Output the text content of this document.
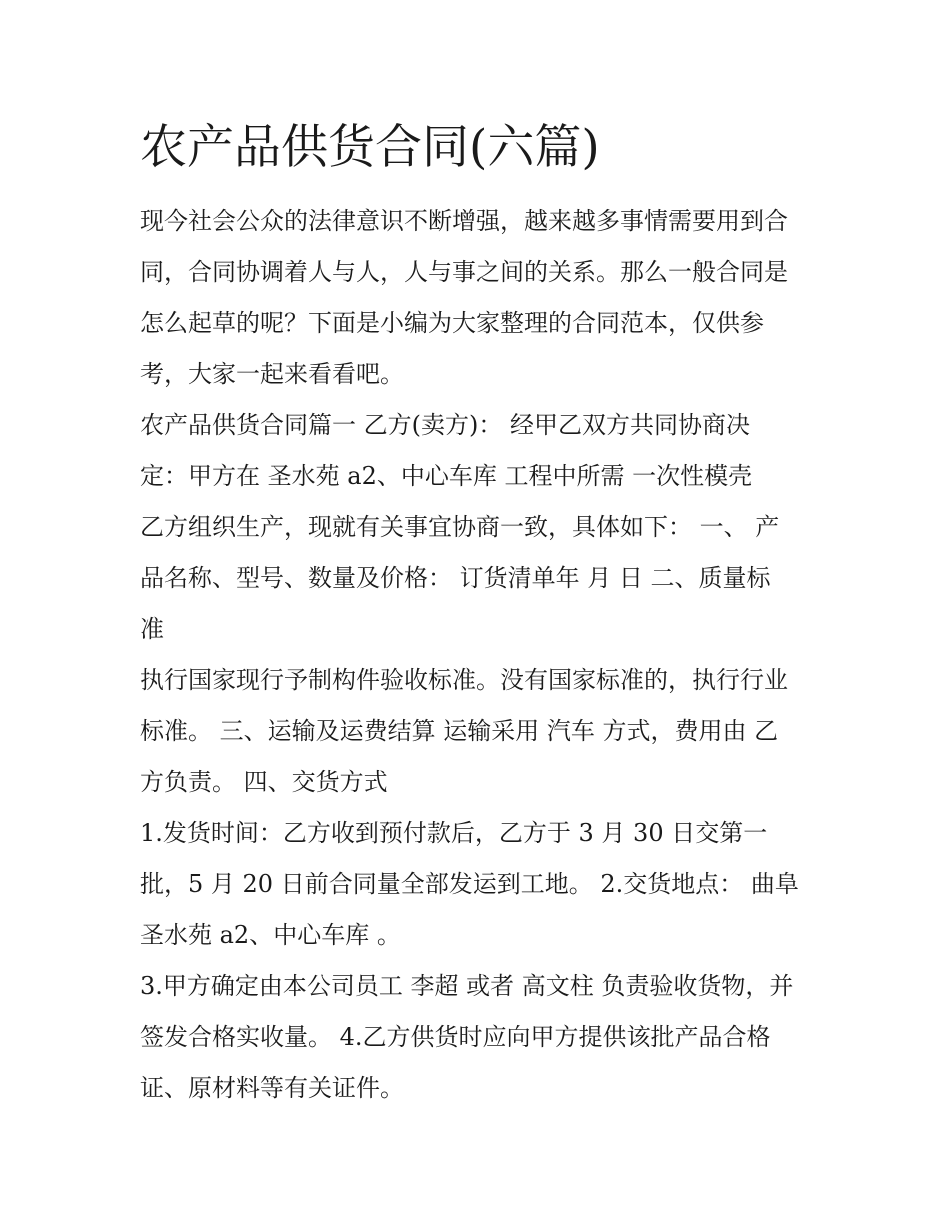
农产品供货合同(六篇)

现今社会公众的法律意识不断增强，越来越多事情需要用到合

同，合同协调着人与人，人与事之间的关系。那么一般合同是

怎么起草的呢？下面是小编为大家整理的合同范本，仅供参

考，大家一起来看看吧。

农产品供货合同篇一 乙方(卖方)： 经甲乙双方共同协商决

定：甲方在 圣水苑 a2、中心车库 工程中所需 一次性模壳

乙方组织生产，现就有关事宜协商一致，具体如下： 一、 产

品名称、型号、数量及价格： 订货清单年 月 日 二、质量标

准

执行国家现行予制构件验收标准。没有国家标准的，执行行业

标准。 三、运输及运费结算 运输采用 汽车 方式，费用由 乙

方负责。 四、交货方式

1.发货时间：乙方收到预付款后，乙方于 3 月 30 日交第一

批，5 月 20 日前合同量全部发运到工地。 2.交货地点： 曲阜

圣水苑 a2、中心车库 。

3.甲方确定由本公司员工 李超 或者 高文柱 负责验收货物，并

签发合格实收量。 4.乙方供货时应向甲方提供该批产品合格

证、原材料等有关证件。
